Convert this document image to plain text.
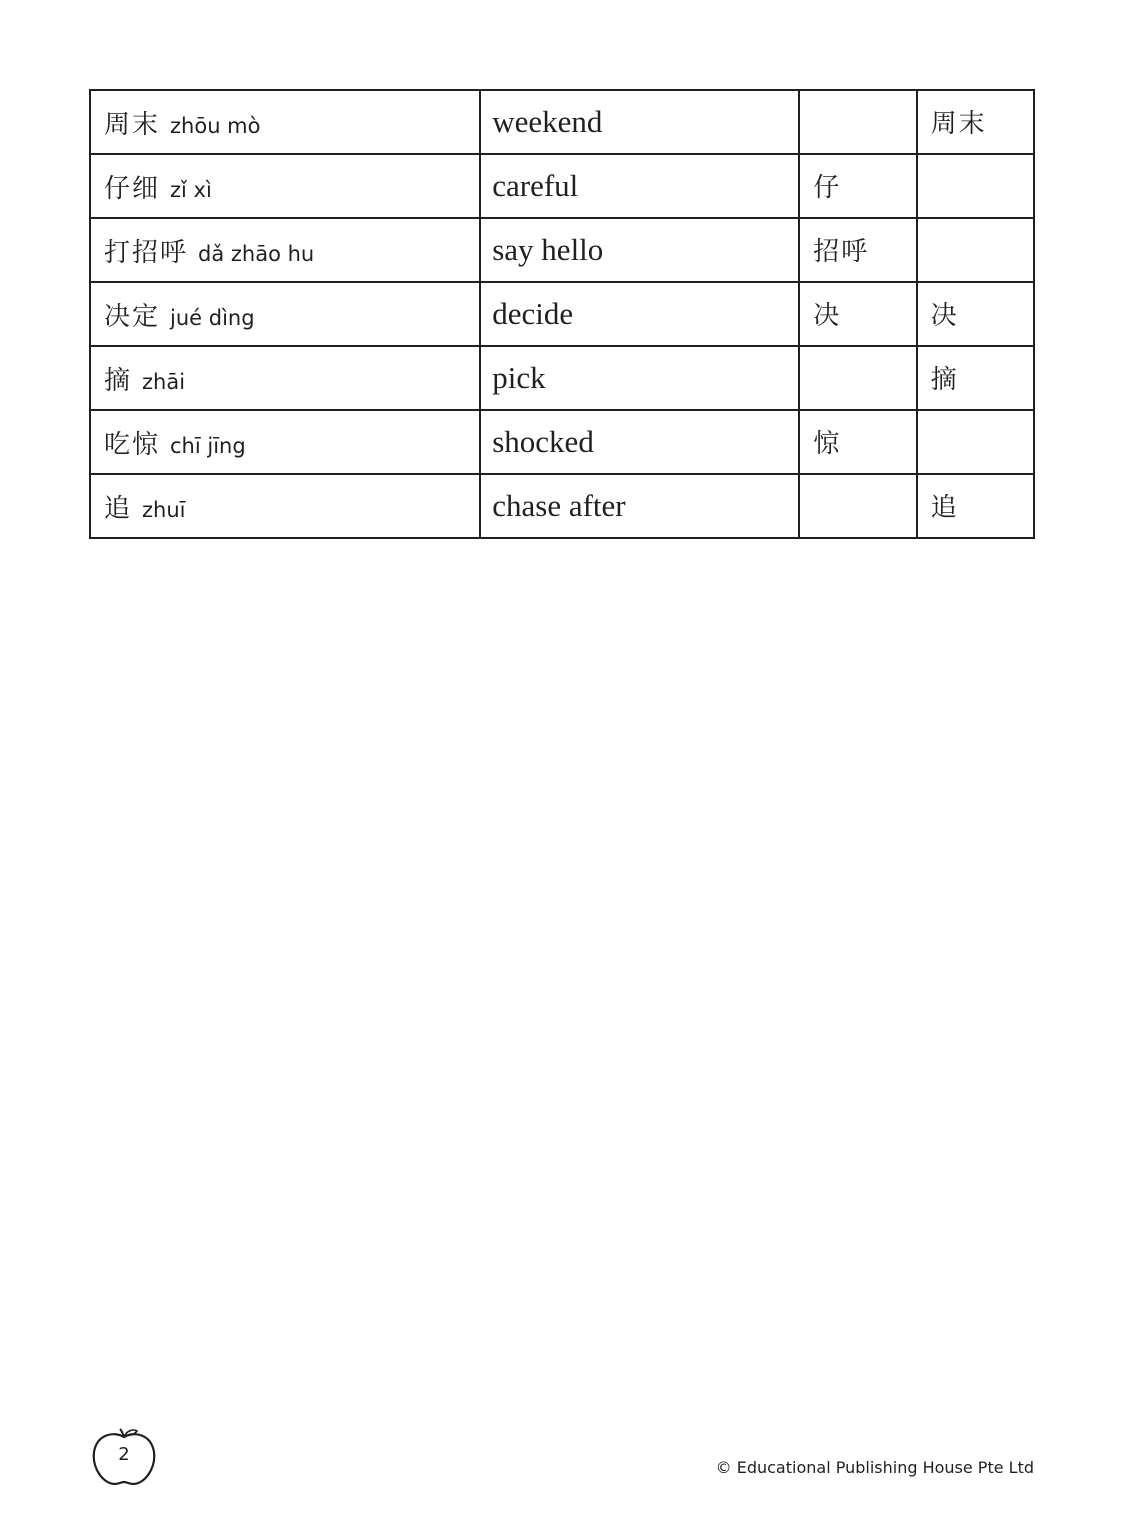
周末 zhōu mò	weekend		周末
仔细 zǐ xì	careful	仔	
打招呼 dǎ zhāo hu	say hello	招呼	
决定 jué dìng	decide	决	决
摘 zhāi	pick		摘
吃惊 chī jīng	shocked	惊	
追 zhuī	chase after		追
2
© Educational Publishing House Pte Ltd
